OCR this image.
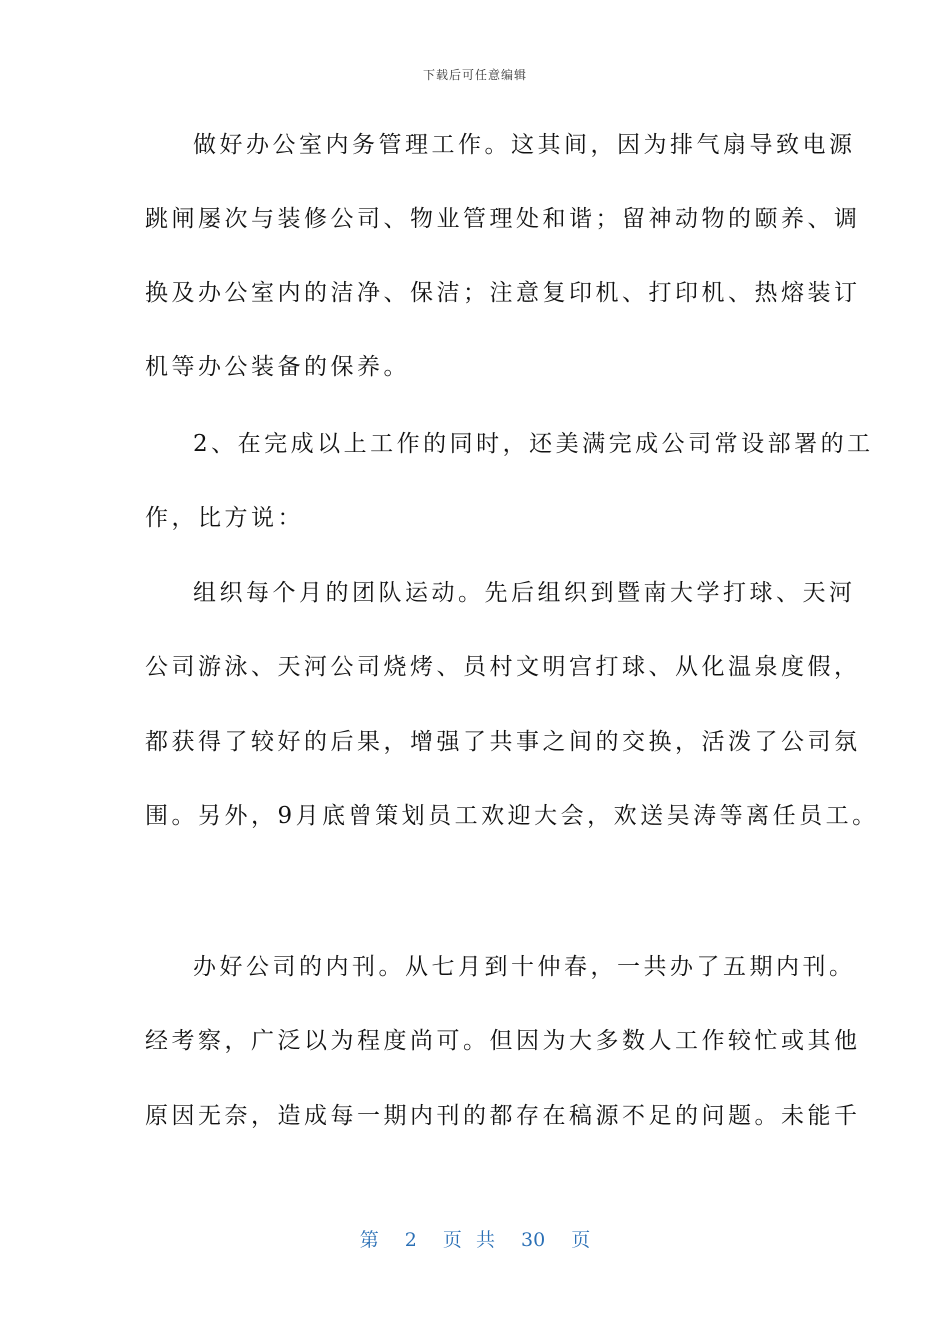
下载后可任意编辑
做好办公室内务管理工作。这其间，因为排气扇导致电源
跳闸屡次与装修公司、物业管理处和谐；留神动物的颐养、调
换及办公室内的洁净、保洁；注意复印机、打印机、热熔装订
机等办公装备的保养。
2、在完成以上工作的同时，还美满完成公司常设部署的工
作，比方说：
组织每个月的团队运动。先后组织到暨南大学打球、天河
公司游泳、天河公司烧烤、员村文明宫打球、从化温泉度假，
都获得了较好的后果，增强了共事之间的交换，活泼了公司氛
围。另外，9月底曾策划员工欢迎大会，欢送吴涛等离任员工。
办好公司的内刊。从七月到十仲春，一共办了五期内刊。
经考察，广泛以为程度尚可。但因为大多数人工作较忙或其他
原因无奈，造成每一期内刊的都存在稿源不足的问题。未能千
第 2 页 共 30 页
